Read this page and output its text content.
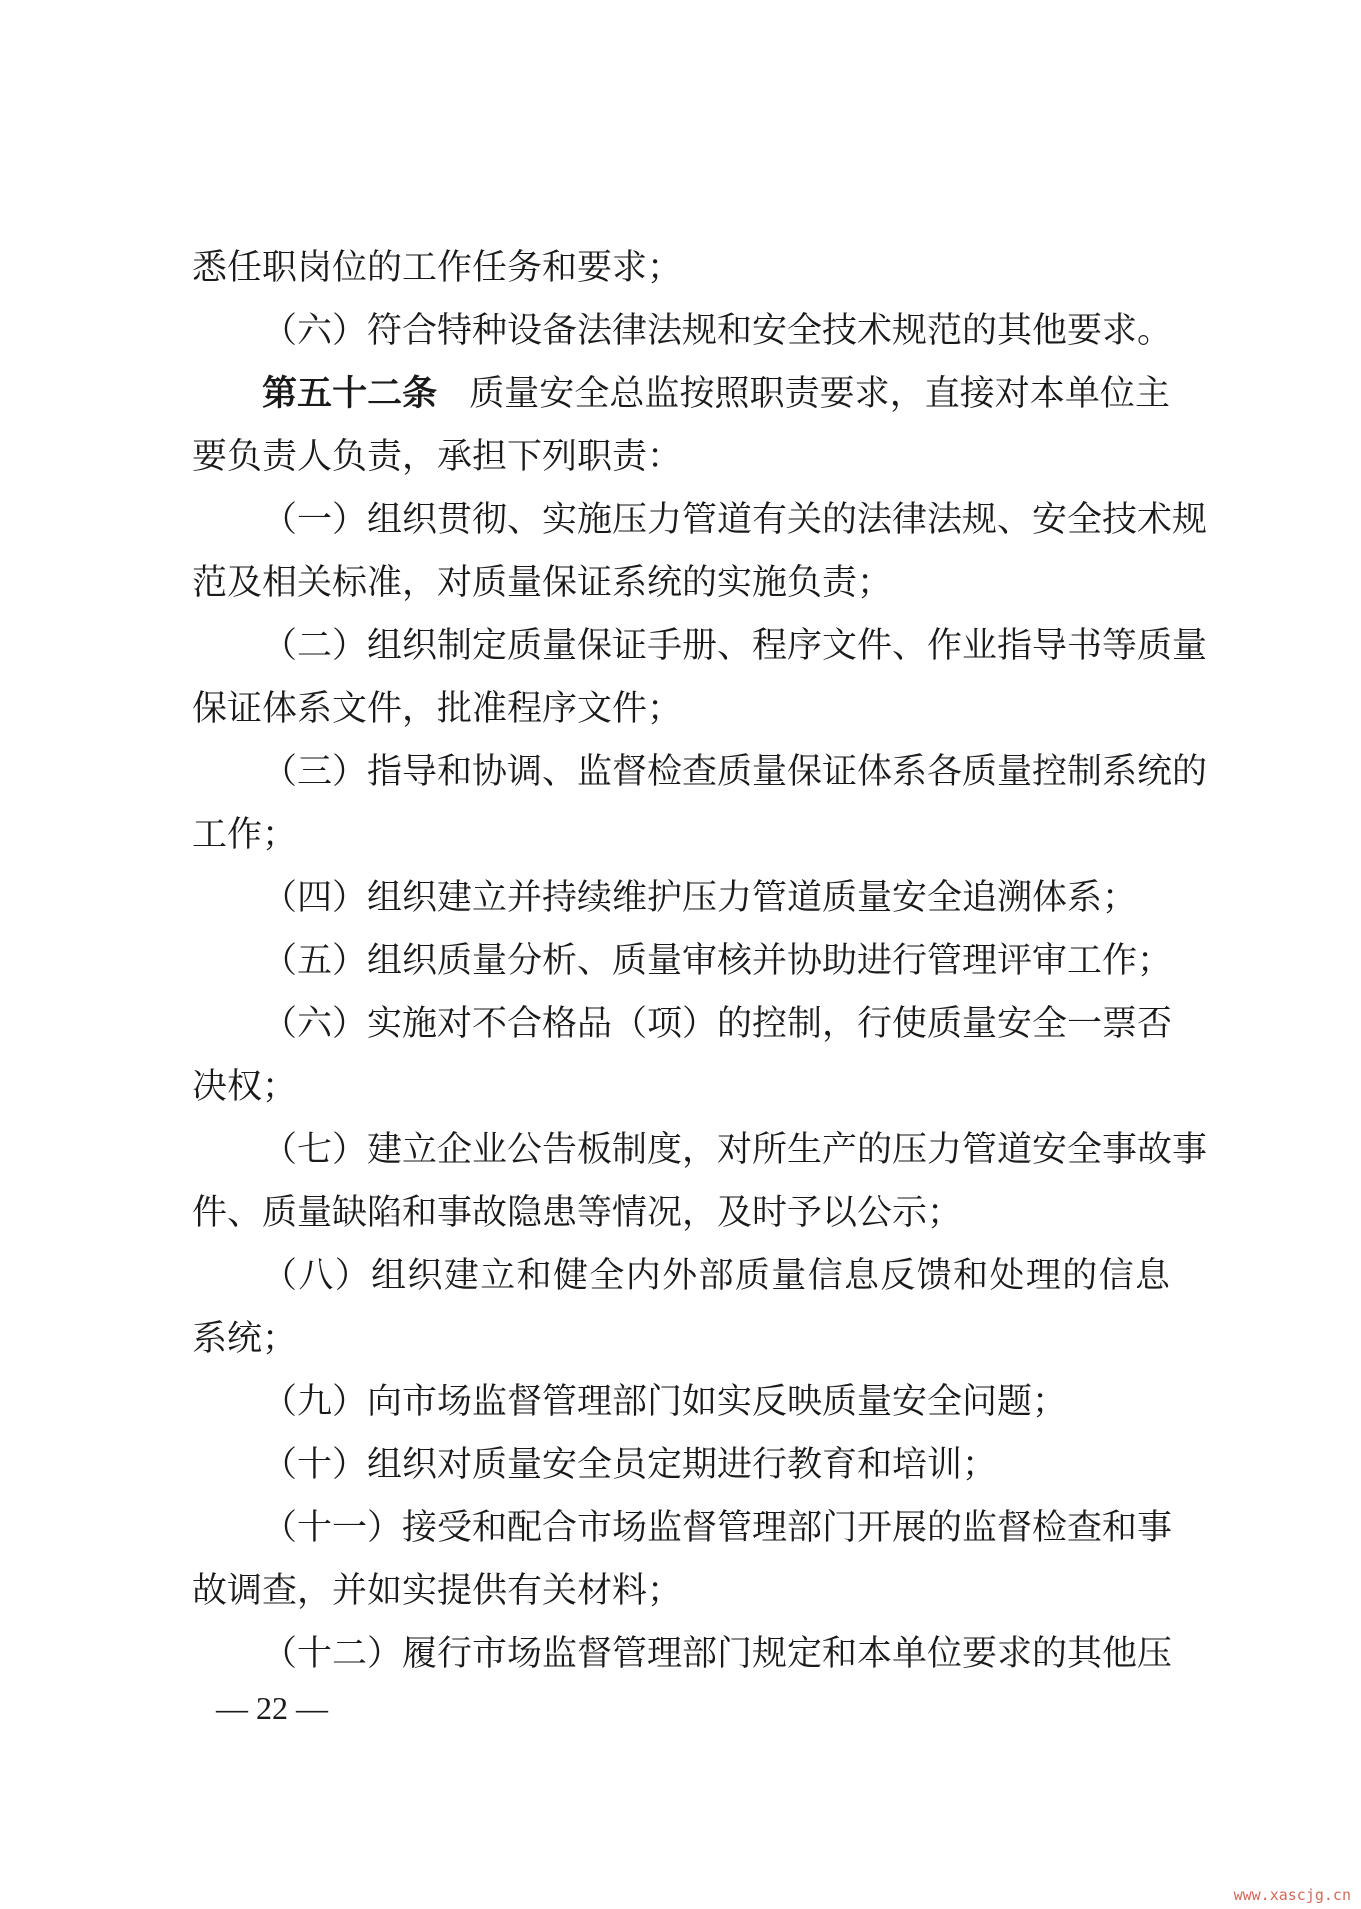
悉任职岗位的工作任务和要求；
（六）符合特种设备法律法规和安全技术规范的其他要求。
第五十二条 质量安全总监按照职责要求，直接对本单位主
要负责人负责，承担下列职责：
（一）组织贯彻、实施压力管道有关的法律法规、安全技术规
范及相关标准，对质量保证系统的实施负责；
（二）组织制定质量保证手册、程序文件、作业指导书等质量
保证体系文件，批准程序文件；
（三）指导和协调、监督检查质量保证体系各质量控制系统的
工作；
（四）组织建立并持续维护压力管道质量安全追溯体系；
（五）组织质量分析、质量审核并协助进行管理评审工作；
（六）实施对不合格品（项）的控制，行使质量安全一票否
决权；
（七）建立企业公告板制度，对所生产的压力管道安全事故事
件、质量缺陷和事故隐患等情况，及时予以公示；
（八）组织建立和健全内外部质量信息反馈和处理的信息
系统；
（九）向市场监督管理部门如实反映质量安全问题；
（十）组织对质量安全员定期进行教育和培训；
（十一）接受和配合市场监督管理部门开展的监督检查和事
故调查，并如实提供有关材料；
（十二）履行市场监督管理部门规定和本单位要求的其他压
— 22 —
www.xascjg.cn
